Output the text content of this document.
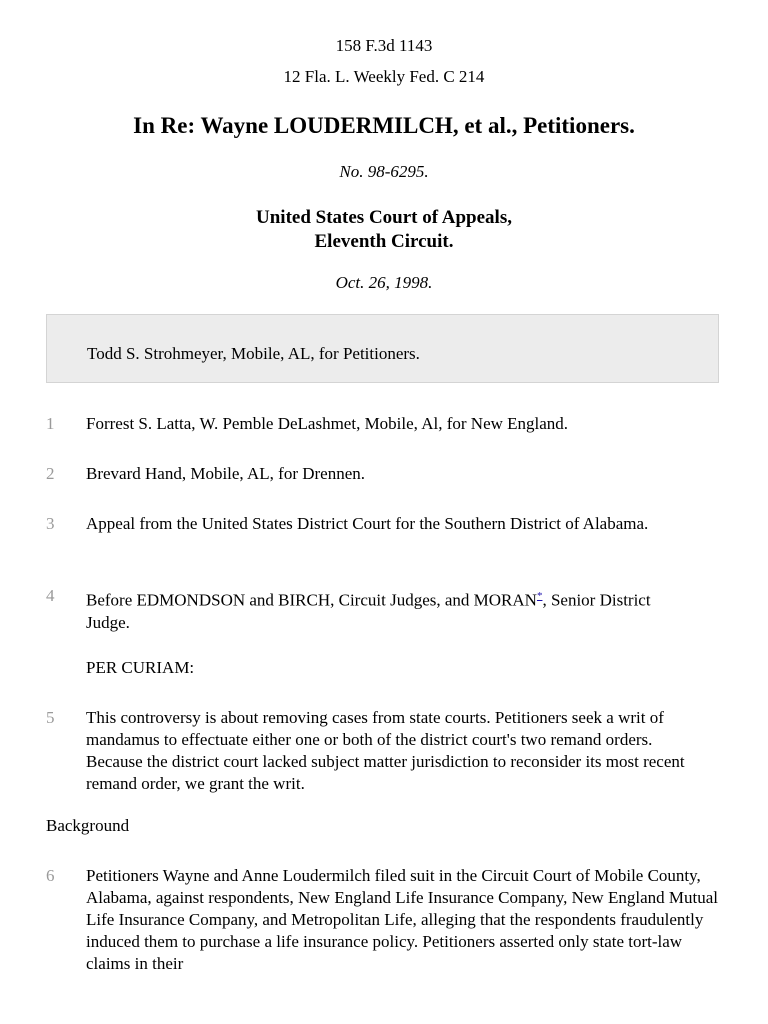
158 F.3d 1143
12 Fla. L. Weekly Fed. C 214
In Re: Wayne LOUDERMILCH, et al., Petitioners.
No. 98-6295.
United States Court of Appeals,
Eleventh Circuit.
Oct. 26, 1998.
Todd S. Strohmeyer, Mobile, AL, for Petitioners.
1	Forrest S. Latta, W. Pemble DeLashmet, Mobile, Al, for New England.
2	Brevard Hand, Mobile, AL, for Drennen.
3	Appeal from the United States District Court for the Southern District of Alabama.
4	Before EDMONDSON and BIRCH, Circuit Judges, and MORAN*, Senior District Judge.
PER CURIAM:
5	This controversy is about removing cases from state courts. Petitioners seek a writ of mandamus to effectuate either one or both of the district court's two remand orders. Because the district court lacked subject matter jurisdiction to reconsider its most recent remand order, we grant the writ.
Background
6	Petitioners Wayne and Anne Loudermilch filed suit in the Circuit Court of Mobile County, Alabama, against respondents, New England Life Insurance Company, New England Mutual Life Insurance Company, and Metropolitan Life, alleging that the respondents fraudulently induced them to purchase a life insurance policy. Petitioners asserted only state tort-law claims in their
